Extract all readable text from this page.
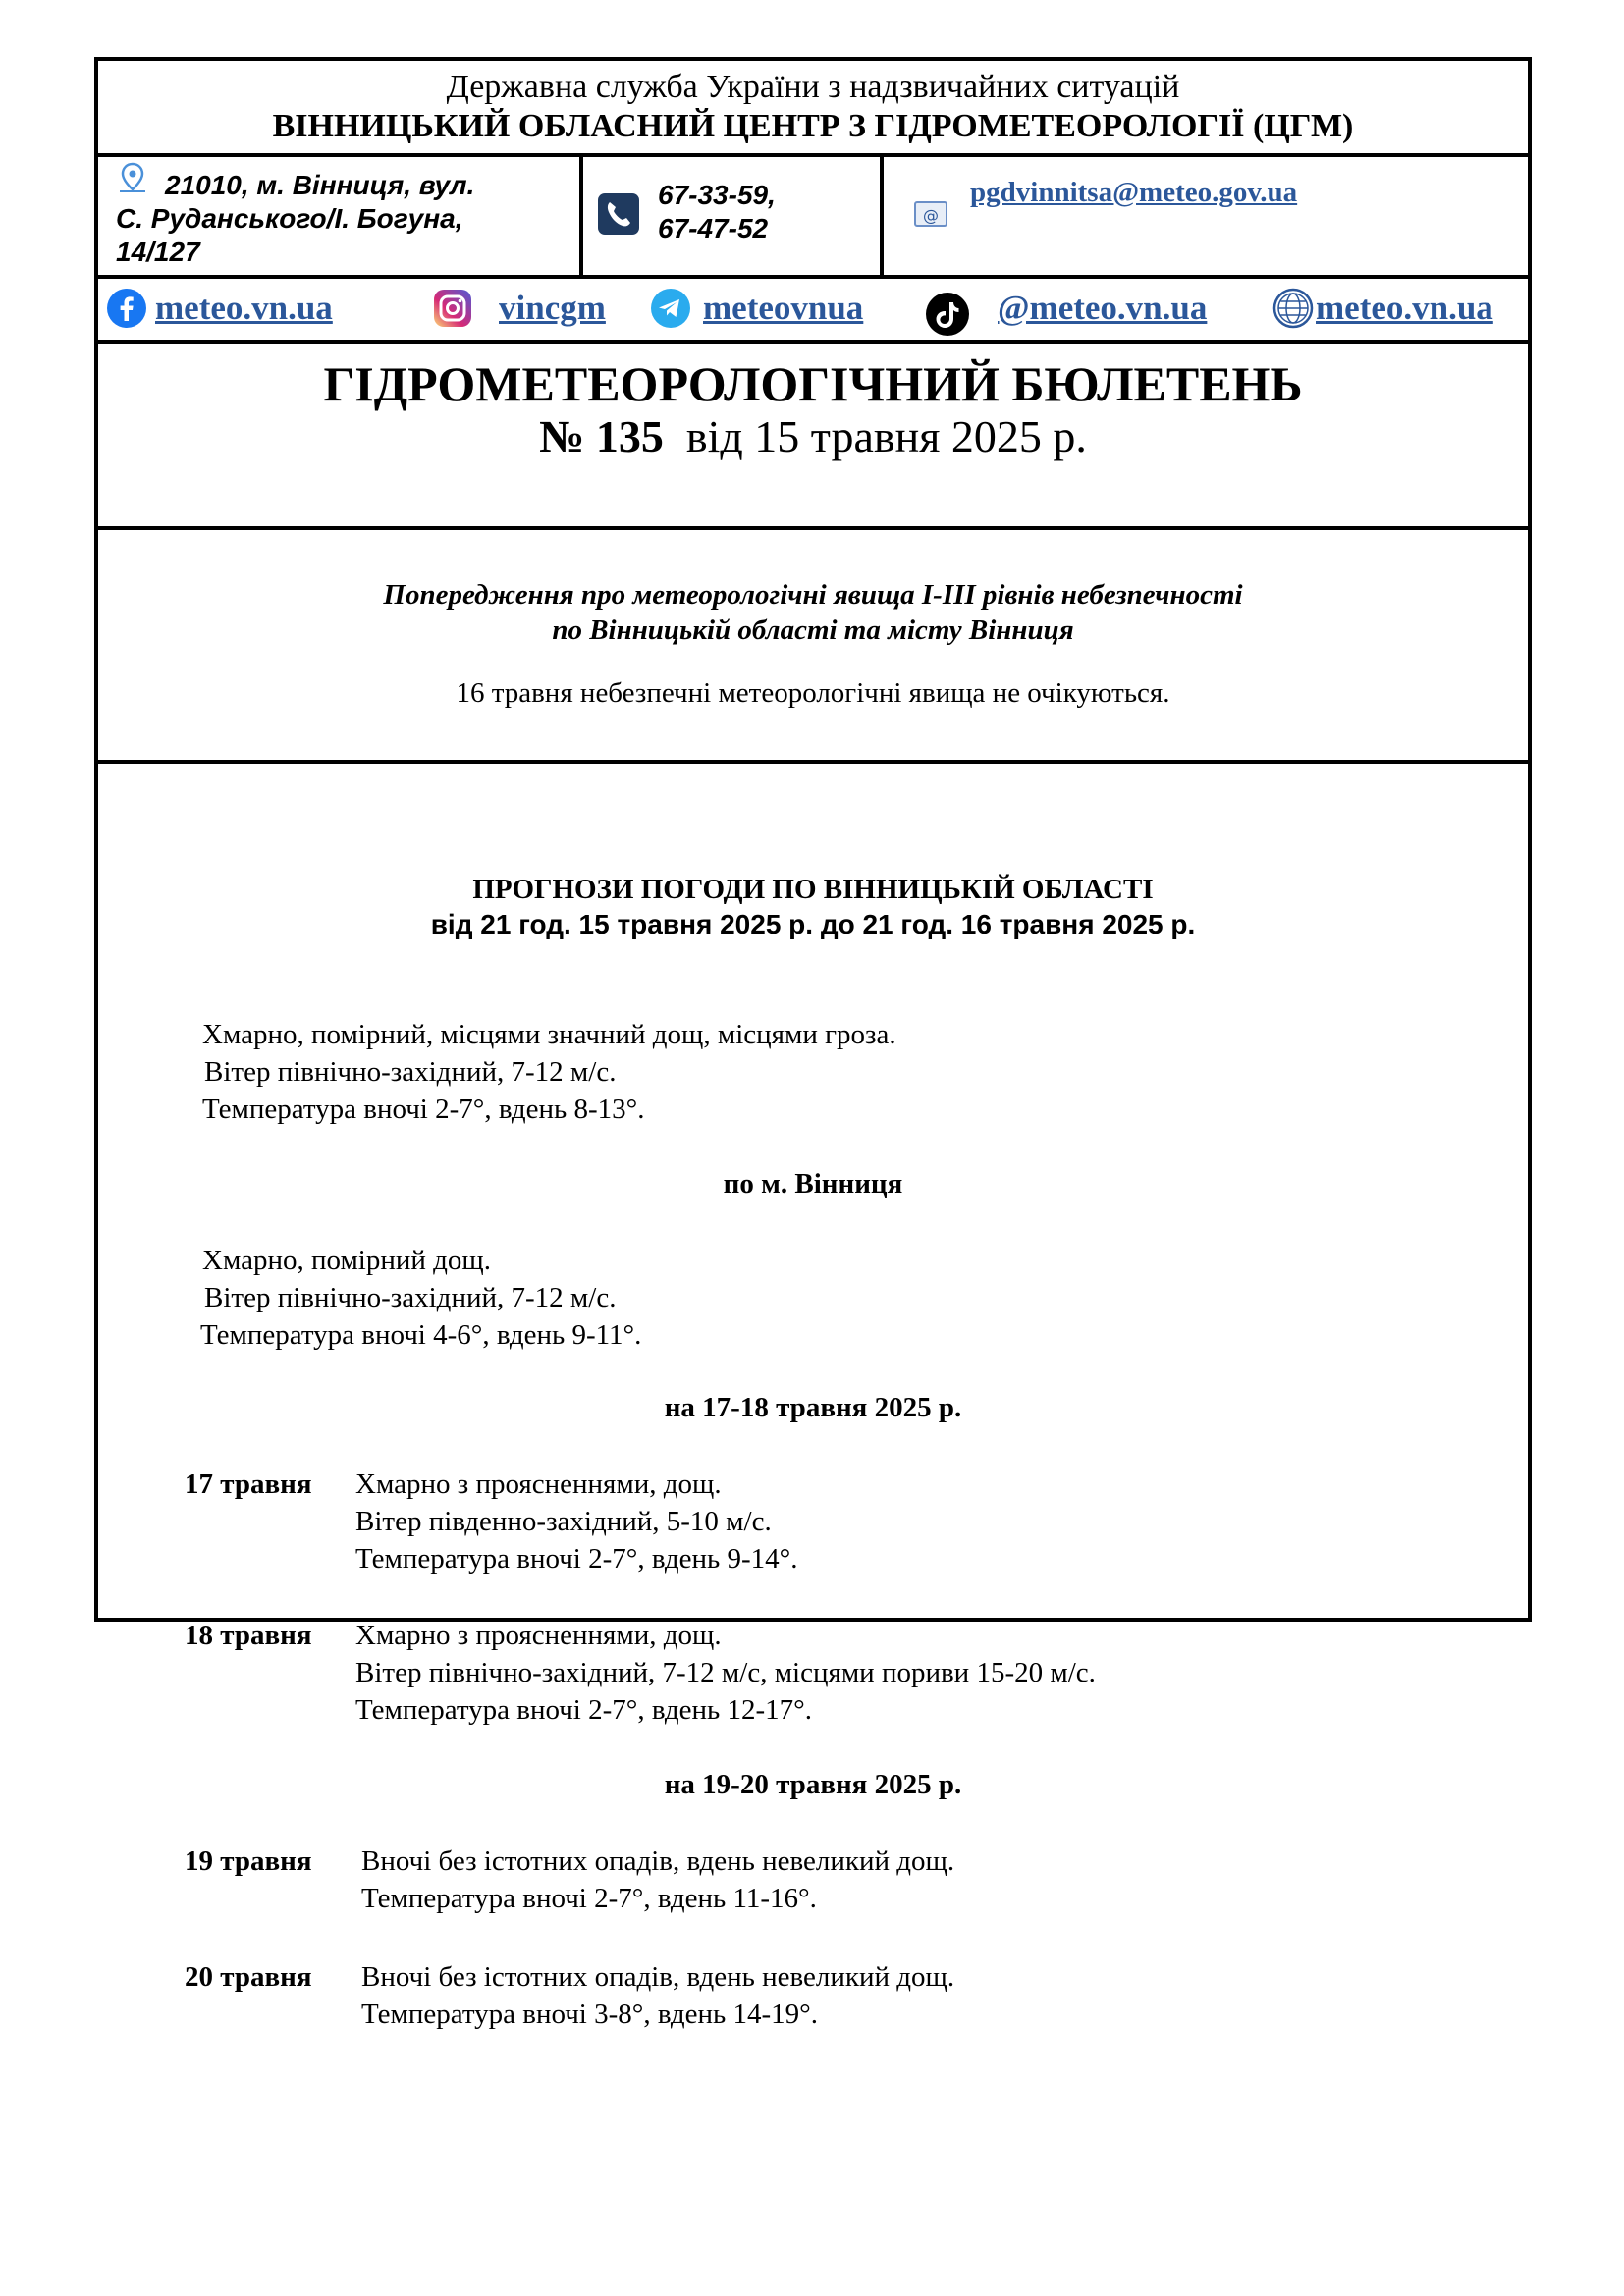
Державна служба України з надзвичайних ситуацій
ВІННИЦЬКИЙ ОБЛАСНИЙ ЦЕНТР З ГІДРОМЕТЕОРОЛОГІЇ (ЦГМ)
21010, м. Вінниця, вул.
С. Руданського/І. Богуна,
14/127
67-33-59,
67-47-52	@
pgdvinnitsa@meteo.gov.ua
meteo.vn.ua	vincgm	meteovnua	@meteo.vn.ua	meteo.vn.ua
ГІДРОМЕТЕОРОЛОГІЧНИЙ БЮЛЕТЕНЬ
№ 135 від 15 травня 2025 р.
Попередження про метеорологічні явища І-ІІІ рівнів небезпечності
по Вінницькій області та місту Вінниця
16 травня небезпечні метеорологічні явища не очікуються.
ПРОГНОЗИ ПОГОДИ ПО ВІННИЦЬКІЙ ОБЛАСТІ
від 21 год. 15 травня 2025 р. до 21 год. 16 травня 2025 р.
Хмарно, помірний, місцями значний дощ, місцями гроза.
Вітер північно-західний, 7-12 м/с.
Температура вночі 2-7°, вдень 8-13°.
по м. Вінниця
Хмарно, помірний дощ.
Вітер північно-західний, 7-12 м/с.
Температура вночі 4-6°, вдень 9-11°.
на 17-18 травня 2025 р.
17 травня Хмарно з проясненнями, дощ.
Вітер південно-західний, 5-10 м/с.
Температура вночі 2-7°, вдень 9-14°.
18 травня Хмарно з проясненнями, дощ.
Вітер північно-західний, 7-12 м/с, місцями пориви 15-20 м/с.
Температура вночі 2-7°, вдень 12-17°.
на 19-20 травня 2025 р.
19 травня Вночі без істотних опадів, вдень невеликий дощ.
Температура вночі 2-7°, вдень 11-16°.
20 травня Вночі без істотних опадів, вдень невеликий дощ.
Температура вночі 3-8°, вдень 14-19°.
